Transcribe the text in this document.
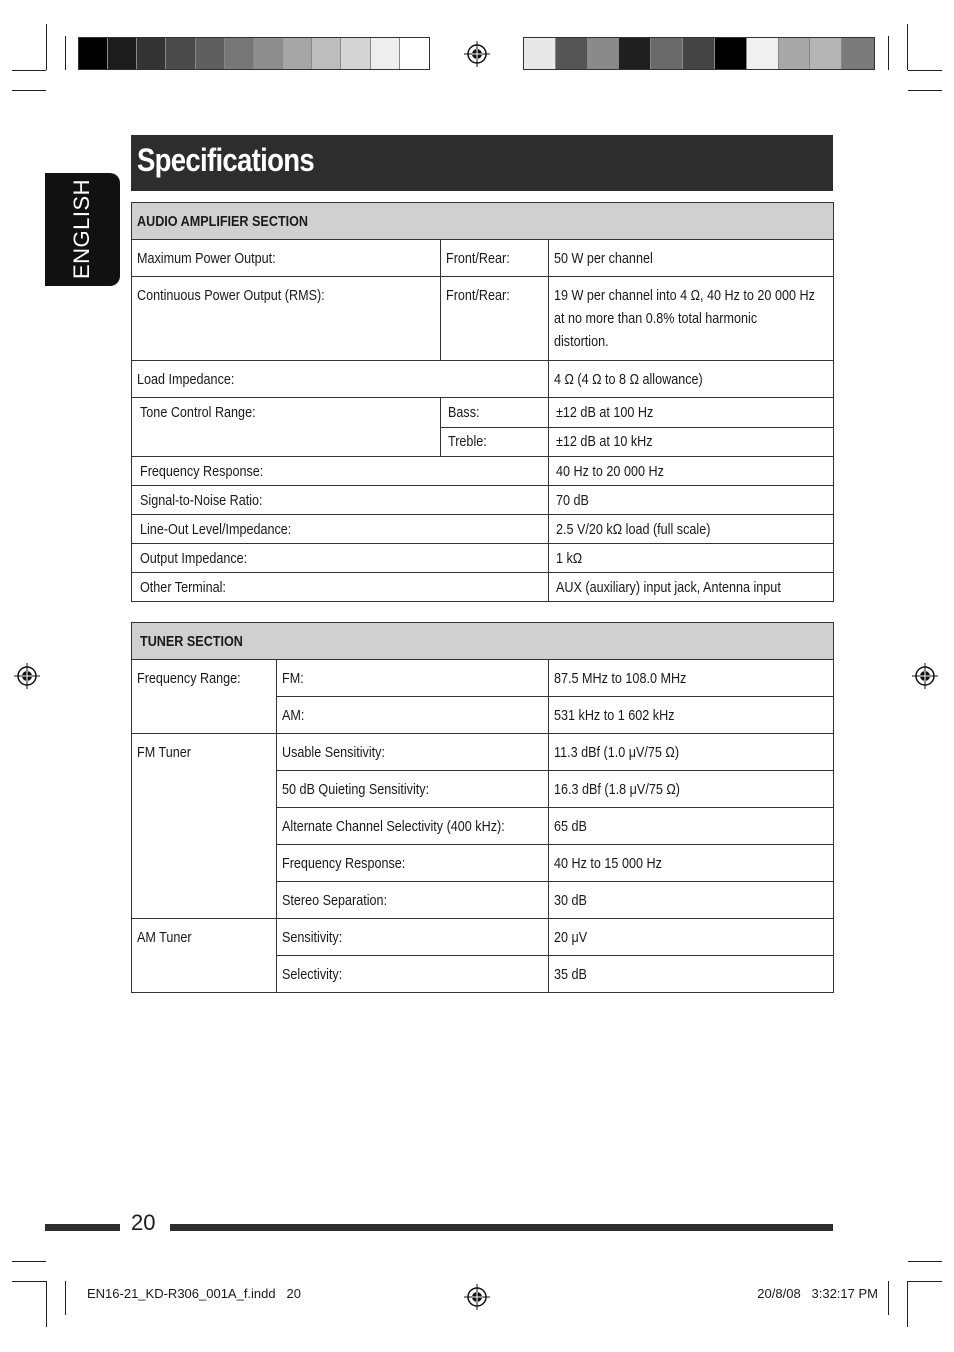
ENGLISH
Specifications
AUDIO AMPLIFIER SECTION		
Maximum Power Output:	Front/Rear:	50 W per channel
Continuous Power Output (RMS):	Front/Rear:	19 W per channel into 4 Ω, 40 Hz to 20 000 Hz
at no more than 0.8% total harmonic
distortion.
Load Impedance:		4 Ω (4 Ω to 8 Ω allowance)
Tone Control Range:	Bass:	±12 dB at 100 Hz
	Treble:	±12 dB at 10 kHz
Frequency Response:		40 Hz to 20 000 Hz
Signal-to-Noise Ratio:		70 dB
Line-Out Level/Impedance:		2.5 V/20 kΩ load (full scale)
Output Impedance:		1 kΩ
Other Terminal:		AUX (auxiliary) input jack, Antenna input
TUNER SECTION		
Frequency Range:	FM:	87.5 MHz to 108.0 MHz
	AM:	531 kHz to 1 602 kHz
FM Tuner	Usable Sensitivity:	11.3 dBf (1.0 μV/75 Ω)
	50 dB Quieting Sensitivity:	16.3 dBf (1.8 μV/75 Ω)
	Alternate Channel Selectivity (400 kHz):	65 dB
	Frequency Response:	40 Hz to 15 000 Hz
	Stereo Separation:	30 dB
AM Tuner	Sensitivity:	20 μV
	Selectivity:	35 dB
20
EN16-21_KD-R306_001A_f.indd   20	20/8/08   3:32:17 PM
